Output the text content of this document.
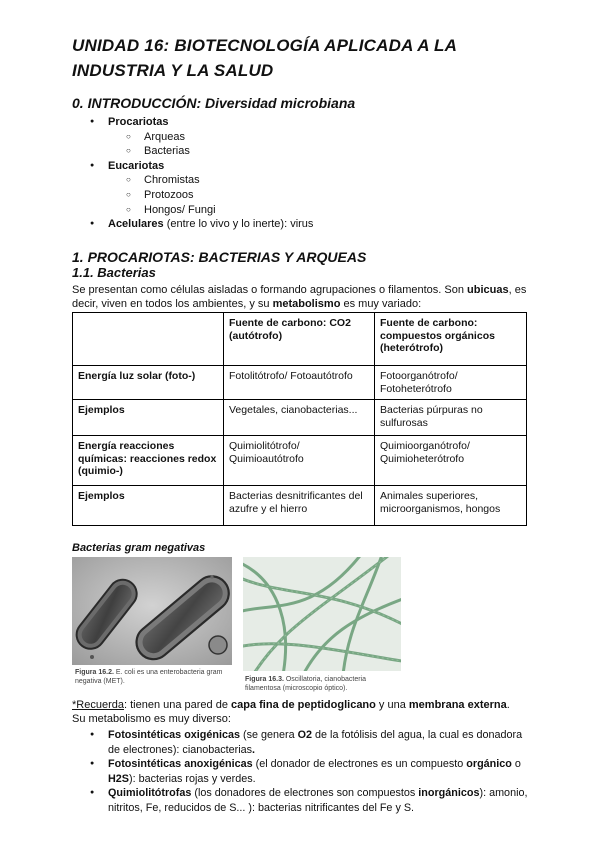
UNIDAD 16: BIOTECNOLOGÍA APLICADA A LA INDUSTRIA Y LA SALUD
0. INTRODUCCIÓN: Diversidad microbiana
● Procariotas
○ Arqueas
○ Bacterias
● Eucariotas
○ Chromistas
○ Protozoos
○ Hongos/ Fungi
● Acelulares (entre lo vivo y lo inerte): virus
1. PROCARIOTAS: BACTERIAS Y ARQUEAS
1.1. Bacterias
Se presentan como células aisladas o formando agrupaciones o filamentos. Son ubicuas, es decir, viven en todos los ambientes, y su metabolismo es muy variado:
	Fuente de carbono: CO2 (autótrofo)	Fuente de carbono: compuestos orgánicos (heterótrofo)
Energía luz solar (foto-)	Fotolitótrofo/ Fotoautótrofo	Fotoorganótrofo/ Fotoheterótrofo
Ejemplos	Vegetales, cianobacterias...	Bacterias púrpuras no sulfurosas
Energía reacciones químicas: reacciones redox (quimio-)	Quimiolitótrofo/ Quimioautótrofo	Quimioorganótrofo/ Quimioheterótrofo
Ejemplos	Bacterias desnitrificantes del azufre y el hierro	Animales superiores, microorganismos, hongos
Bacterias gram negativas
Figura 16.2. E. coli es una enterobacteria gram negativa (MET).	Figura 16.3. Oscillatoria, cianobacteria filamentosa (microscopio óptico).
*Recuerda: tienen una pared de capa fina de peptidoglicano y una membrana externa.
Su metabolismo es muy diverso:
● Fotosintéticas oxigénicas (se genera O2 de la fotólisis del agua, la cual es donadora de electrones): cianobacterias.
● Fotosintéticas anoxigénicas (el donador de electrones es un compuesto orgánico o H2S): bacterias rojas y verdes.
● Quimiolitótrofas (los donadores de electrones son compuestos inorgánicos): amonio, nitritos, Fe, reducidos de S... ): bacterias nitrificantes del Fe y S.
